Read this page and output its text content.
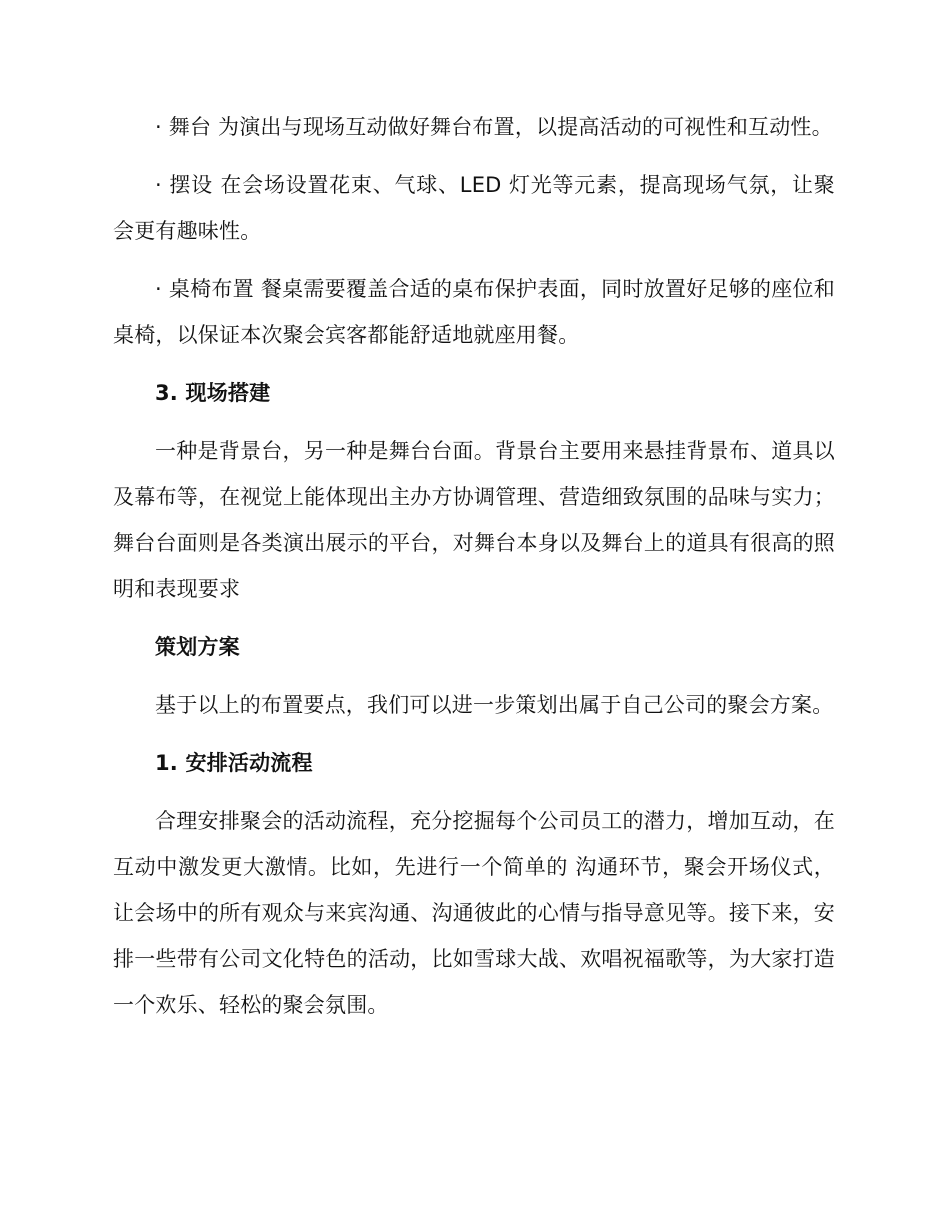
· 舞台 为演出与现场互动做好舞台布置，以提高活动的可视性和互动性。

· 摆设 在会场设置花束、气球、LED 灯光等元素，提高现场气氛，让聚会更有趣味性。

· 桌椅布置 餐桌需要覆盖合适的桌布保护表面，同时放置好足够的座位和桌椅，以保证本次聚会宾客都能舒适地就座用餐。

3. 现场搭建

一种是背景台，另一种是舞台台面。背景台主要用来悬挂背景布、道具以及幕布等，在视觉上能体现出主办方协调管理、营造细致氛围的品味与实力；舞台台面则是各类演出展示的平台，对舞台本身以及舞台上的道具有很高的照明和表现要求

策划方案

基于以上的布置要点，我们可以进一步策划出属于自己公司的聚会方案。

1. 安排活动流程

合理安排聚会的活动流程，充分挖掘每个公司员工的潜力，增加互动，在互动中激发更大激情。比如，先进行一个简单的 沟通环节，聚会开场仪式，让会场中的所有观众与来宾沟通、沟通彼此的心情与指导意见等。接下来，安排一些带有公司文化特色的活动，比如雪球大战、欢唱祝福歌等，为大家打造一个欢乐、轻松的聚会氛围。
